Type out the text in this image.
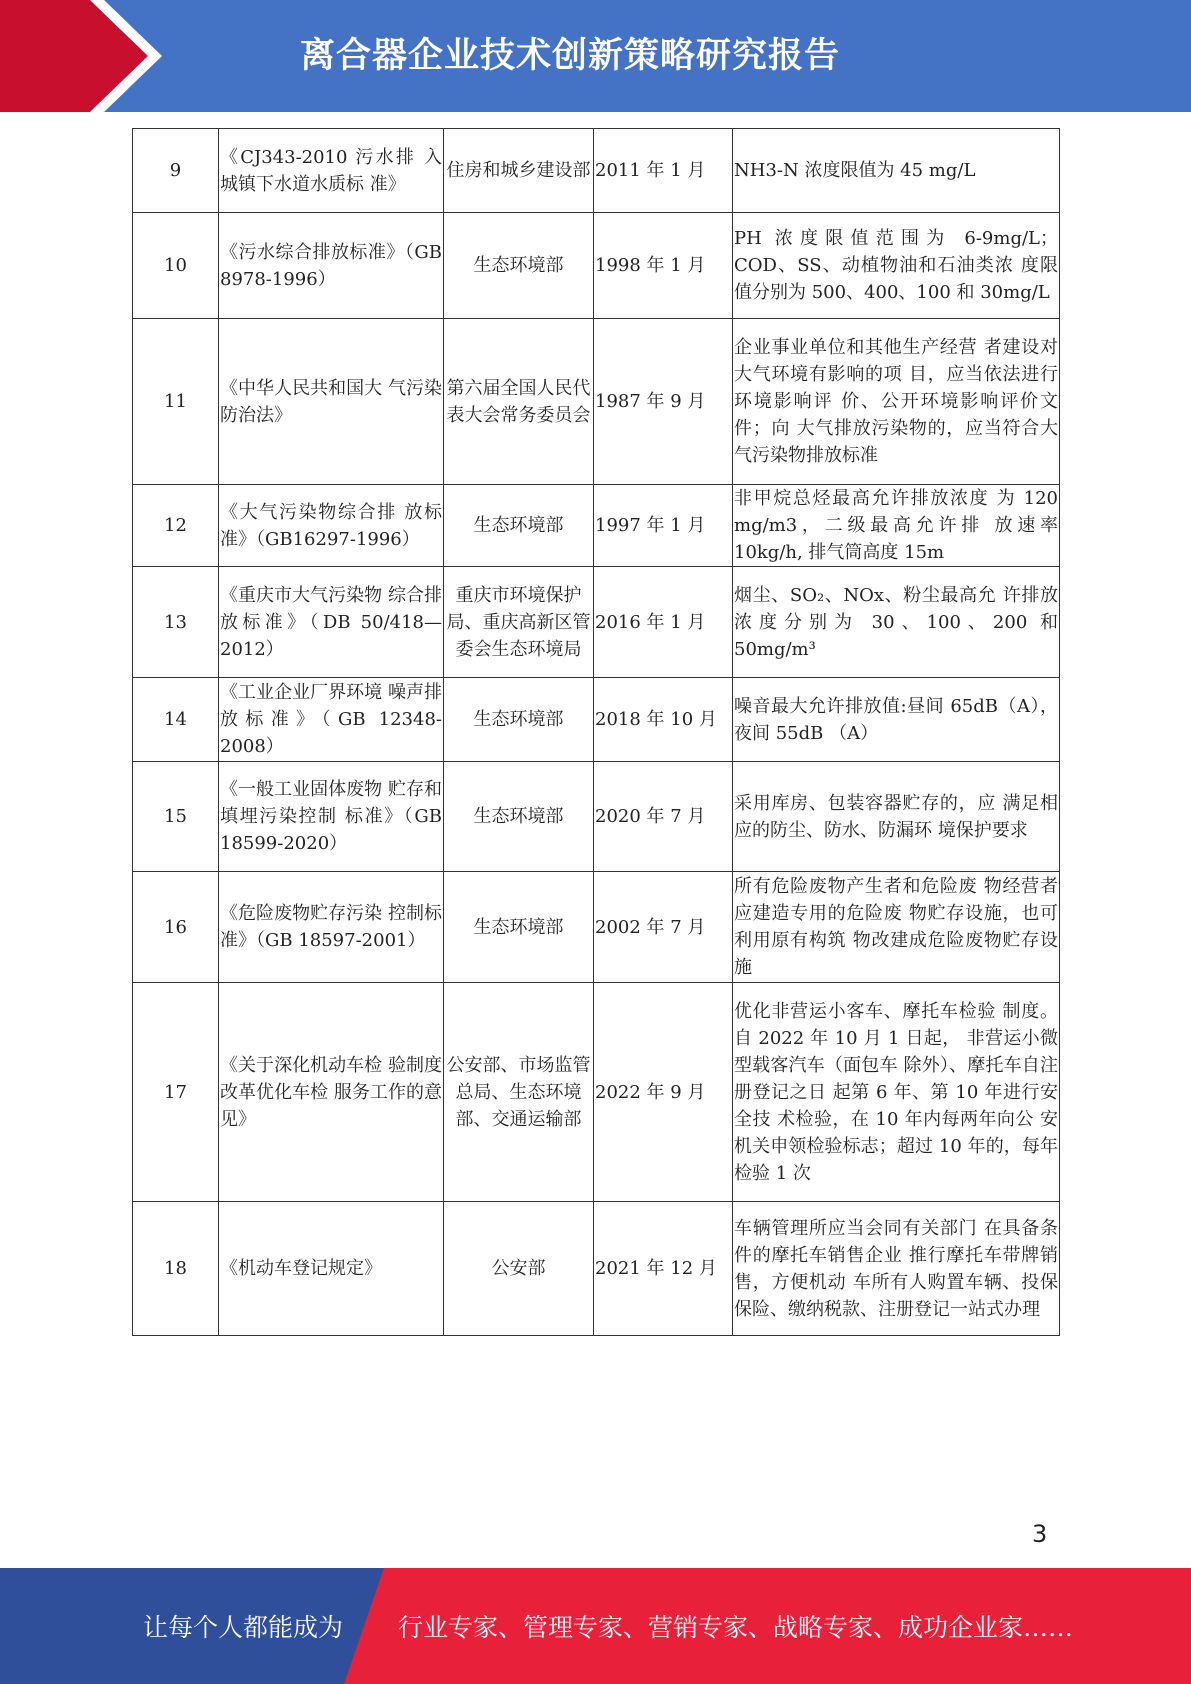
离合器企业技术创新策略研究报告
9	《CJ343-2010 污水排 入城镇下水道水质标 准》	住房和城乡建设部	2011 年 1 月	NH3-N 浓度限值为 45 mg/L
10	《污水综合排放标准》（GB 8978-1996）	生态环境部	1998 年 1 月	PH 浓度限值范围为 6-9mg/L； COD、SS、动植物油和石油类浓 度限值分别为 500、400、100 和 30mg/L
11	《中华人民共和国大 气污染防治法》	第六届全国人民代表大会常务委员会	1987 年 9 月	企业事业单位和其他生产经营 者建设对大气环境有影响的项 目，应当依法进行环境影响评 价、公开环境影响评价文件；向 大气排放污染物的，应当符合大 气污染物排放标准
12	《大气污染物综合排 放标准》（GB16297-1996）	生态环境部	1997 年 1 月	非甲烷总烃最高允许排放浓度 为 120 mg/m3，二级最高允许排 放速率 10kg/h, 排气筒高度 15m
13	《重庆市大气污染物 综合排放标准》（DB 50/418—2012）	重庆市环境保护局、重庆高新区管委会生态环境局	2016 年 1 月	烟尘、SO₂、NOx、粉尘最高允 许排放浓度分别为 30、100、200 和 50mg/m³
14	《工业企业厂界环境 噪声排放标准》（GB 12348-2008）	生态环境部	2018 年 10 月	噪音最大允许排放值:昼间 65dB（A），夜间 55dB （A）
15	《一般工业固体废物 贮存和填埋污染控制 标准》（GB 18599-2020）	生态环境部	2020 年 7 月	采用库房、包装容器贮存的，应 满足相应的防尘、防水、防漏环 境保护要求
16	《危险废物贮存污染 控制标准》（GB 18597-2001）	生态环境部	2002 年 7 月	所有危险废物产生者和危险废 物经营者应建造专用的危险废 物贮存设施，也可利用原有构筑 物改建成危险废物贮存设施
17	《关于深化机动车检 验制度改革优化车检 服务工作的意见》	公安部、市场监管总局、生态环境部、交通运输部	2022 年 9 月	优化非营运小客车、摩托车检验 制度。自 2022 年 10 月 1 日起， 非营运小微型载客汽车（面包车 除外）、摩托车自注册登记之日 起第 6 年、第 10 年进行安全技 术检验，在 10 年内每两年向公 安机关申领检验标志；超过 10 年的，每年检验 1 次
18	《机动车登记规定》	公安部	2021 年 12 月	车辆管理所应当会同有关部门 在具备条件的摩托车销售企业 推行摩托车带牌销售，方便机动 车所有人购置车辆、投保保险、缴纳税款、注册登记一站式办理
3
让每个人都能成为 行业专家、管理专家、营销专家、战略专家、成功企业家……
